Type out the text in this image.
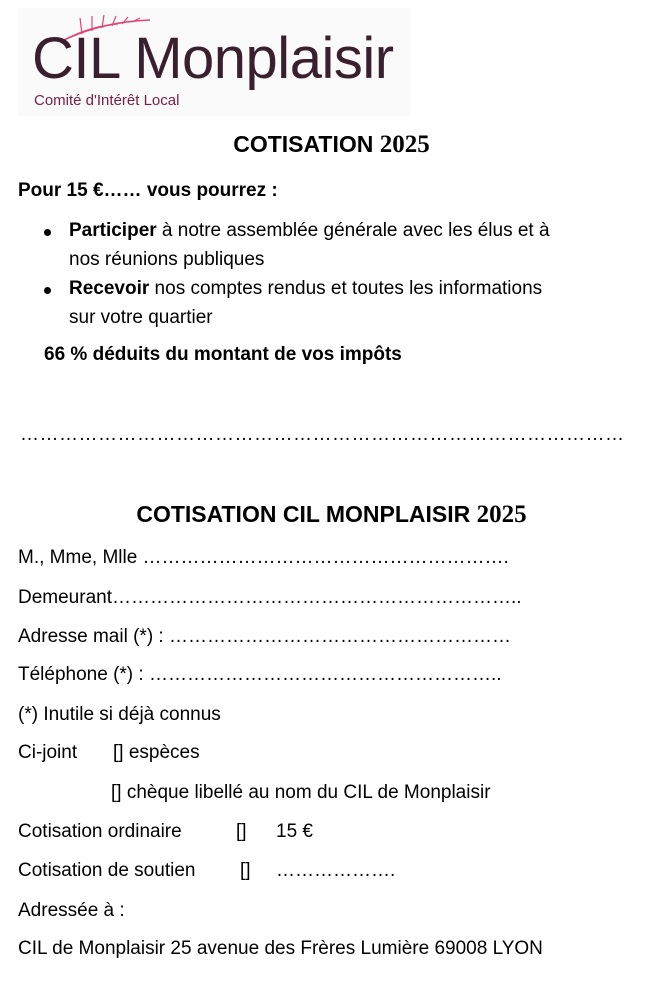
CIL Monplaisir
Comité d'Intérêt Local
COTISATION 2025
Pour 15 €…… vous pourrez :
Participer à notre assemblée générale avec les élus et à
nos réunions publiques
Recevoir nos comptes rendus et toutes les informations
sur votre quartier
66 % déduits du montant de vos impôts
…………………………………………………………………………………
COTISATION CIL MONPLAISIR 2025
M., Mme, Mlle ………………………………………………….
Demeurant………………………………………………………..
Adresse mail (*) : ………………………………………………
Téléphone (*) : ………………………………………………..
(*) Inutile si déjà connus
Ci-joint [] espèces
[] chèque libellé au nom du CIL de Monplaisir
Cotisation ordinaire	[] 15 €
Cotisation de soutien [] ……………….
Adressée à :
CIL de Monplaisir 25 avenue des Frères Lumière 69008 LYON
